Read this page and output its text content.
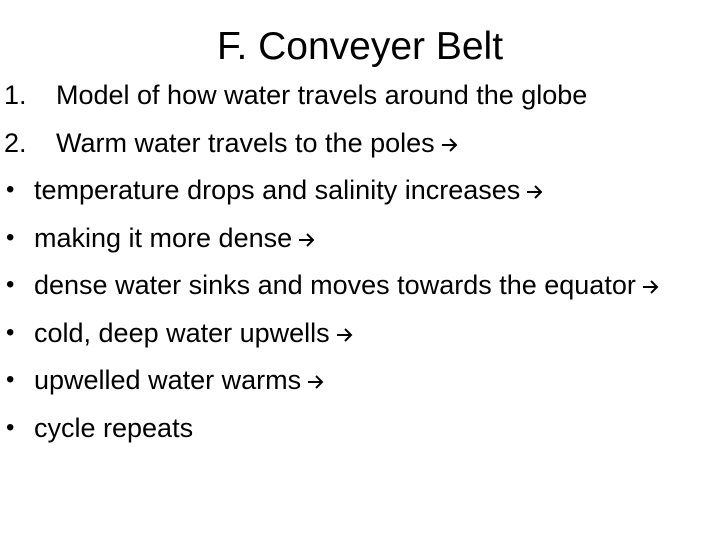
F. Conveyer Belt
1. Model of how water travels around the globe
2. Warm water travels to the poles
• temperature drops and salinity increases
• making it more dense
• dense water sinks and moves towards the equator
• cold, deep water upwells
• upwelled water warms
• cycle repeats
